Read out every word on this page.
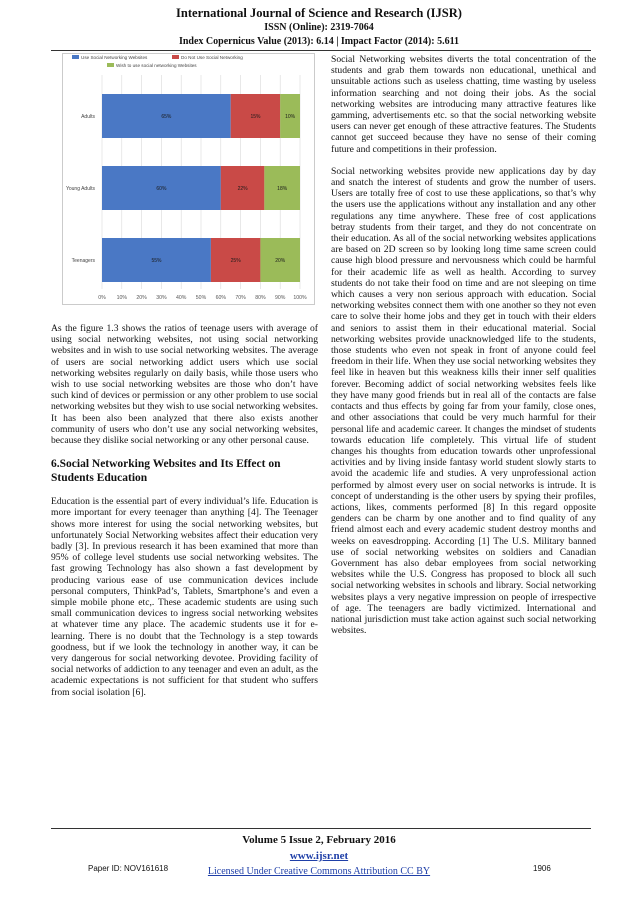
International Journal of Science and Research (IJSR)
ISSN (Online): 2319-7064
Index Copernicus Value (2013): 6.14 | Impact Factor (2014): 5.611
0% 10% 20% 30% 40% 50% 60% 70% 80% 90% 100%
Use Social Networking Websites	Do Not Use Social Networking
Wish to use social networking Websites
Adults	65%	15%	10%
Young Adults	60%	22%	18%
Teenagers	55%	25%	20%

As the figure 1.3 shows the ratios of teenage users with average of using social networking websites, not using social networking websites and in wish to use social networking websites. The average of users are social networking addict users which use social networking websites regularly on daily basis, while those users who wish to use social networking websites are those who don’t have such kind of devices or permission or any other problem to use social networking websites but they wish to use social networking websites. It has been also been analyzed that there also exists another community of users who don’t use any social networking websites, because they dislike social networking or any other personal cause.

6.Social Networking Websites and Its Effect on Students Education

Education is the essential part of every individual’s life. Education is more important for every teenager than anything [4]. The Teenager shows more interest for using the social networking websites, but unfortunately Social Networking websites affect their education very badly [3]. In previous research it has been examined that more than 95% of college level students use social networking websites. The fast growing Technology has also shown a fast development by producing various ease of use communication devices include personal computers, ThinkPad’s, Tablets, Smartphone’s and even a simple mobile phone etc,. These academic students are using such small communication devices to ingress social networking websites at whatever time any place. The academic students use it for e-learning. There is no doubt that the Technology is a step towards goodness, but if we look the technology in another way, it can be very dangerous for social networking devotee. Providing facility of social networks of addiction to any teenager and even an adult, as the academic expectations is not sufficient for that student who suffers from social isolation [6].

Social Networking websites diverts the total concentration of the students and grab them towards non educational, unethical and unsuitable actions such as useless chatting, time wasting by useless information searching and not doing their jobs. As the social networking websites are introducing many attractive features like gamming, advertisements etc. so that the social networking website users can never get enough of these attractive features. The Students cannot get succeed because they have no sense of their coming future and competitions in their profession.

Social networking websites provide new applications day by day and snatch the interest of students and grow the number of users. Users are totally free of cost to use these applications, so that’s why the users use the applications without any installation and any other regulations any time anywhere. These free of cost applications betray students from their target, and they do not concentrate on their education. As all of the social networking websites applications are based on 2D screen so by looking long time same screen could cause high blood pressure and nervousness which could be harmful for their academic life as well as health. According to survey students do not take their food on time and are not sleeping on time which causes a very non serious approach with education. Social networking websites connect them with one another so they not even care to solve their home jobs and they get in touch with their elders and seniors to assist them in their educational material. Social networking websites provide unacknowledged life to the students, those students who even not speak in front of anyone could feel freedom in their life. When they use social networking websites they feel like in heaven but this weakness kills their inner self qualities forever. Becoming addict of social networking websites feels like they have many good friends but in real all of the contacts are false contacts and thus effects by going far from your family, close ones, and other associations that could be very much harmful for their personal life and academic career. It changes the mindset of students towards education life completely. This virtual life of student changes his thoughts from education towards other unprofessional activities and by living inside fantasy world student slowly starts to avoid the academic life and studies. A very unprofessional action performed by almost every user on social networks is intrude. It is concept of understanding is the other users by spying their profiles, actions, likes, comments performed [8] In this regard opposite genders can be charm by one another and to find quality of any friend almost each and every academic student destroy months and weeks on eavesdropping. According [1] The U.S. Military banned use of social networking websites on soldiers and Canadian Government has also debar employees from social networking websites while the U.S. Congress has proposed to block all such social networking websites in schools and library. Social networking websites plays a very negative impression on people of irrespective of age. The teenagers are badly victimized. International and national jurisdiction must take action against such social networking websites.

Volume 5 Issue 2, February 2016
www.ijsr.net
Licensed Under Creative Commons Attribution CC BY
Paper ID: NOV161618	1906
